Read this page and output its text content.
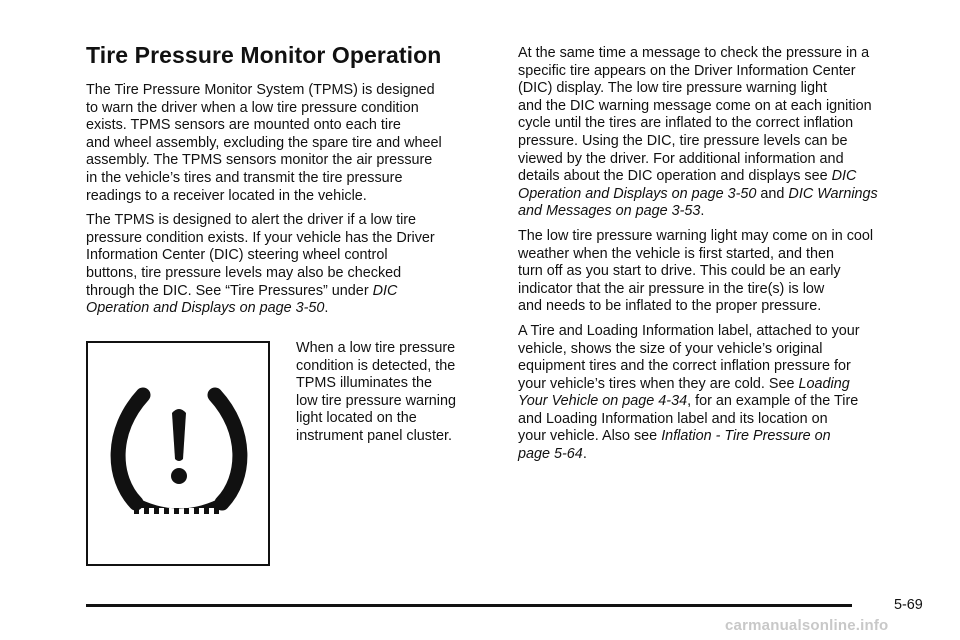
Tire Pressure Monitor Operation

The Tire Pressure Monitor System (TPMS) is designed
to warn the driver when a low tire pressure condition
exists. TPMS sensors are mounted onto each tire
and wheel assembly, excluding the spare tire and wheel
assembly. The TPMS sensors monitor the air pressure
in the vehicle’s tires and transmit the tire pressure
readings to a receiver located in the vehicle.

The TPMS is designed to alert the driver if a low tire
pressure condition exists. If your vehicle has the Driver
Information Center (DIC) steering wheel control
buttons, tire pressure levels may also be checked
through the DIC. See “Tire Pressures” under DIC
Operation and Displays on page 3-50.

When a low tire pressure
condition is detected, the
TPMS illuminates the
low tire pressure warning
light located on the
instrument panel cluster.

At the same time a message to check the pressure in a
specific tire appears on the Driver Information Center
(DIC) display. The low tire pressure warning light
and the DIC warning message come on at each ignition
cycle until the tires are inflated to the correct inflation
pressure. Using the DIC, tire pressure levels can be
viewed by the driver. For additional information and
details about the DIC operation and displays see DIC
Operation and Displays on page 3-50 and DIC Warnings
and Messages on page 3-53.

The low tire pressure warning light may come on in cool
weather when the vehicle is first started, and then
turn off as you start to drive. This could be an early
indicator that the air pressure in the tire(s) is low
and needs to be inflated to the proper pressure.

A Tire and Loading Information label, attached to your
vehicle, shows the size of your vehicle’s original
equipment tires and the correct inflation pressure for
your vehicle’s tires when they are cold. See Loading
Your Vehicle on page 4-34, for an example of the Tire
and Loading Information label and its location on
your vehicle. Also see Inflation - Tire Pressure on
page 5-64.

5-69
carmanualsonline.info
